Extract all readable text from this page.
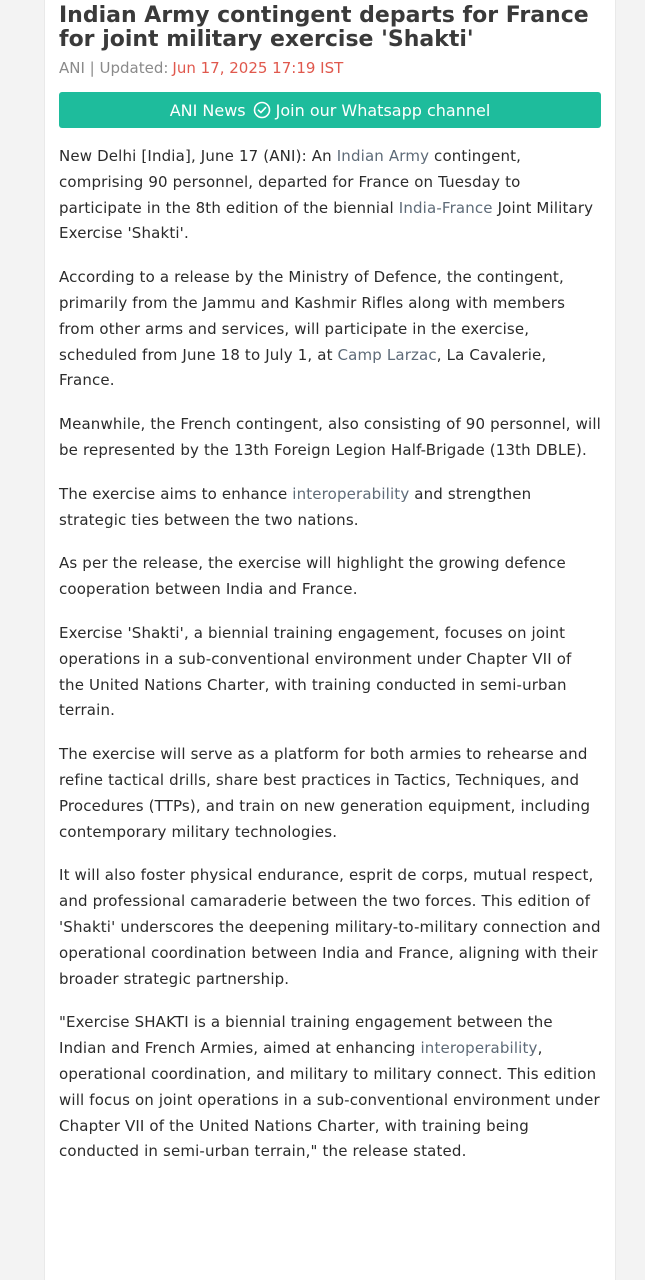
Indian Army contingent departs for France for joint military exercise 'Shakti'
ANI | Updated: Jun 17, 2025 17:19 IST
ANI News Join our Whatsapp channel

New Delhi [India], June 17 (ANI): An Indian Army contingent, comprising 90 personnel, departed for France on Tuesday to participate in the 8th edition of the biennial India-France Joint Military Exercise 'Shakti'.

According to a release by the Ministry of Defence, the contingent, primarily from the Jammu and Kashmir Rifles along with members from other arms and services, will participate in the exercise, scheduled from June 18 to July 1, at Camp Larzac, La Cavalerie, France.

Meanwhile, the French contingent, also consisting of 90 personnel, will be represented by the 13th Foreign Legion Half-Brigade (13th DBLE).

The exercise aims to enhance interoperability and strengthen strategic ties between the two nations.

As per the release, the exercise will highlight the growing defence cooperation between India and France.

Exercise 'Shakti', a biennial training engagement, focuses on joint operations in a sub-conventional environment under Chapter VII of the United Nations Charter, with training conducted in semi-urban terrain.

The exercise will serve as a platform for both armies to rehearse and refine tactical drills, share best practices in Tactics, Techniques, and Procedures (TTPs), and train on new generation equipment, including contemporary military technologies.

It will also foster physical endurance, esprit de corps, mutual respect, and professional camaraderie between the two forces. This edition of 'Shakti' underscores the deepening military-to-military connection and operational coordination between India and France, aligning with their broader strategic partnership.

"Exercise SHAKTI is a biennial training engagement between the Indian and French Armies, aimed at enhancing interoperability, operational coordination, and military to military connect. This edition will focus on joint operations in a sub-conventional environment under Chapter VII of the United Nations Charter, with training being conducted in semi-urban terrain," the release stated.
